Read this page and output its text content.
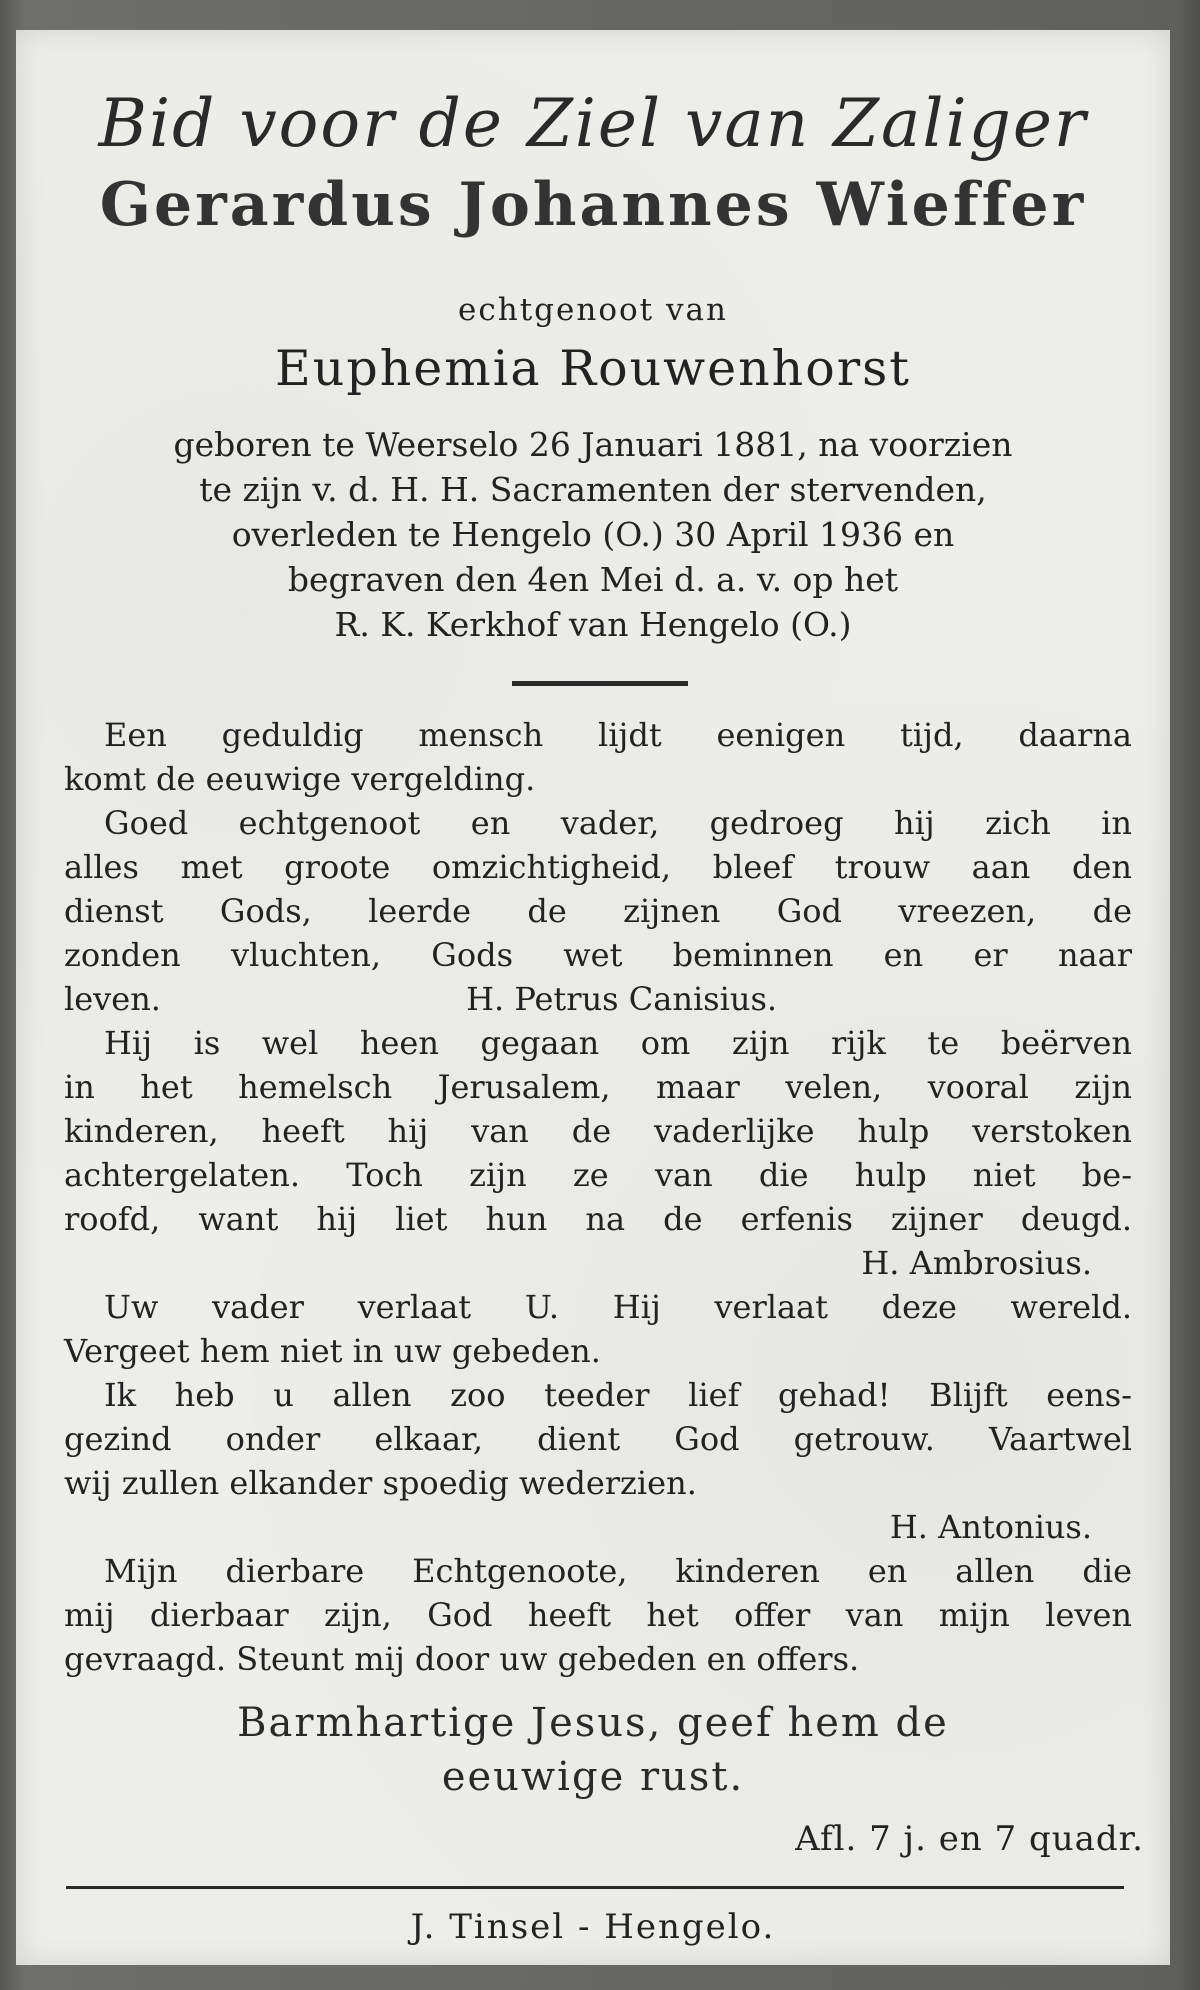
Bid voor de Ziel van Zaliger
Gerardus Johannes Wieffer
echtgenoot van
Euphemia Rouwenhorst
geboren te Weerselo 26 Januari 1881, na voorzien
te zijn v. d. H. H. Sacramenten der stervenden,
overleden te Hengelo (O.) 30 April 1936 en
begraven den 4en Mei d. a. v. op het
R. K. Kerkhof van Hengelo (O.)
Een geduldig mensch lijdt eenigen tijd, daarna
komt de eeuwige vergelding.
Goed echtgenoot en vader, gedroeg hij zich in
alles met groote omzichtigheid, bleef trouw aan den
dienst Gods, leerde de zijnen God vreezen, de
zonden vluchten, Gods wet beminnen en er naar
leven.                              H. Petrus Canisius.
Hij is wel heen gegaan om zijn rijk te beërven
in het hemelsch Jerusalem, maar velen, vooral zijn
kinderen, heeft hij van de vaderlijke hulp verstoken
achtergelaten. Toch zijn ze van die hulp niet be-
roofd, want hij liet hun na de erfenis zijner deugd.
H. Ambrosius.
Uw vader verlaat U. Hij verlaat deze wereld.
Vergeet hem niet in uw gebeden.
Ik heb u allen zoo teeder lief gehad! Blijft eens-
gezind onder elkaar, dient God getrouw. Vaartwel
wij zullen elkander spoedig wederzien.
H. Antonius.
Mijn dierbare Echtgenoote, kinderen en allen die
mij dierbaar zijn, God heeft het offer van mijn leven
gevraagd. Steunt mij door uw gebeden en offers.
Barmhartige Jesus, geef hem de
eeuwige rust.
Afl. 7 j. en 7 quadr.
J. Tinsel - Hengelo.
